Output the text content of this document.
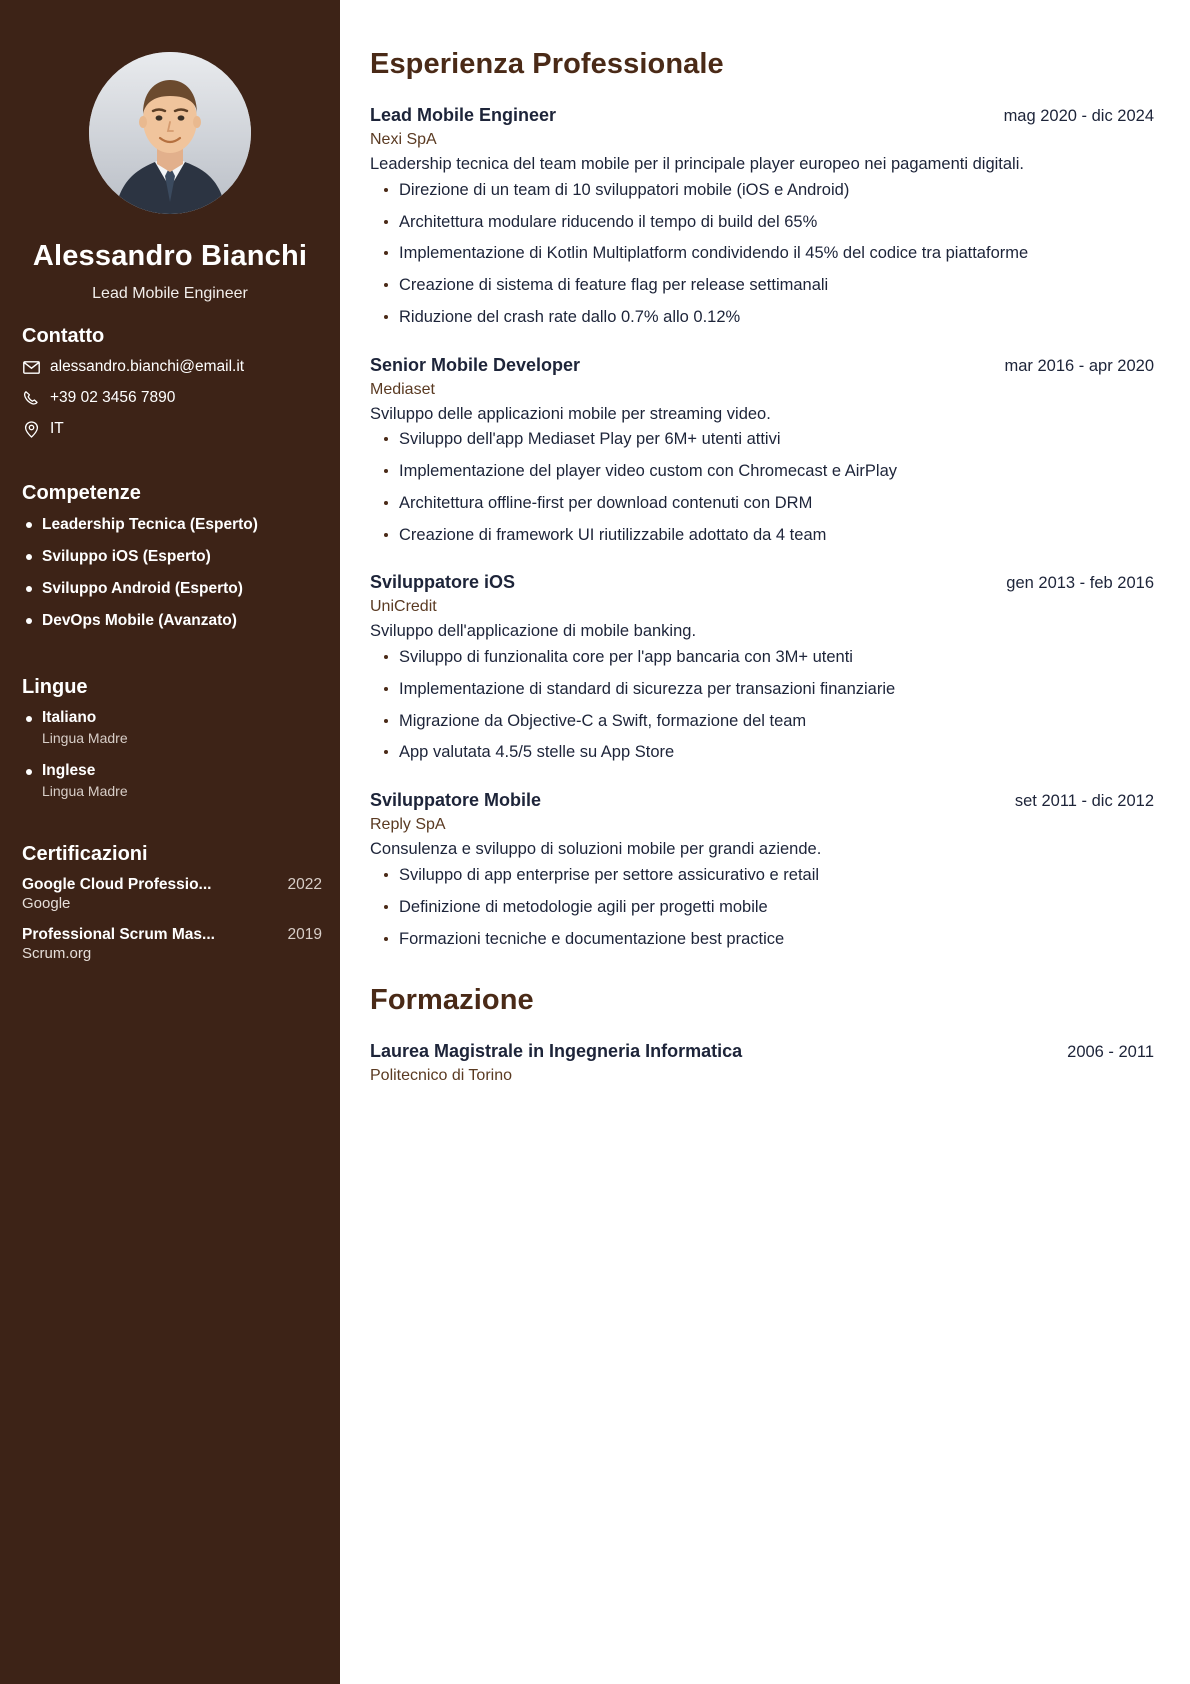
Alessandro Bianchi
Lead Mobile Engineer
Contatto
alessandro.bianchi@email.it
+39 02 3456 7890
IT
Competenze
Leadership Tecnica (Esperto)
Sviluppo iOS (Esperto)
Sviluppo Android (Esperto)
DevOps Mobile (Avanzato)
Lingue
Italiano
Lingua Madre
Inglese
Lingua Madre
Certificazioni
Google Cloud Professio...	2022
Google
Professional Scrum Mas...	2019
Scrum.org
Esperienza Professionale
Lead Mobile Engineer	mag 2020 - dic 2024
Nexi SpA
Leadership tecnica del team mobile per il principale player europeo nei pagamenti digitali.
Direzione di un team di 10 sviluppatori mobile (iOS e Android)
Architettura modulare riducendo il tempo di build del 65%
Implementazione di Kotlin Multiplatform condividendo il 45% del codice tra piattaforme
Creazione di sistema di feature flag per release settimanali
Riduzione del crash rate dallo 0.7% allo 0.12%
Senior Mobile Developer	mar 2016 - apr 2020
Mediaset
Sviluppo delle applicazioni mobile per streaming video.
Sviluppo dell'app Mediaset Play per 6M+ utenti attivi
Implementazione del player video custom con Chromecast e AirPlay
Architettura offline-first per download contenuti con DRM
Creazione di framework UI riutilizzabile adottato da 4 team
Sviluppatore iOS	gen 2013 - feb 2016
UniCredit
Sviluppo dell'applicazione di mobile banking.
Sviluppo di funzionalita core per l'app bancaria con 3M+ utenti
Implementazione di standard di sicurezza per transazioni finanziarie
Migrazione da Objective-C a Swift, formazione del team
App valutata 4.5/5 stelle su App Store
Sviluppatore Mobile	set 2011 - dic 2012
Reply SpA
Consulenza e sviluppo di soluzioni mobile per grandi aziende.
Sviluppo di app enterprise per settore assicurativo e retail
Definizione di metodologie agili per progetti mobile
Formazioni tecniche e documentazione best practice
Formazione
Laurea Magistrale in Ingegneria Informatica	2006 - 2011
Politecnico di Torino
